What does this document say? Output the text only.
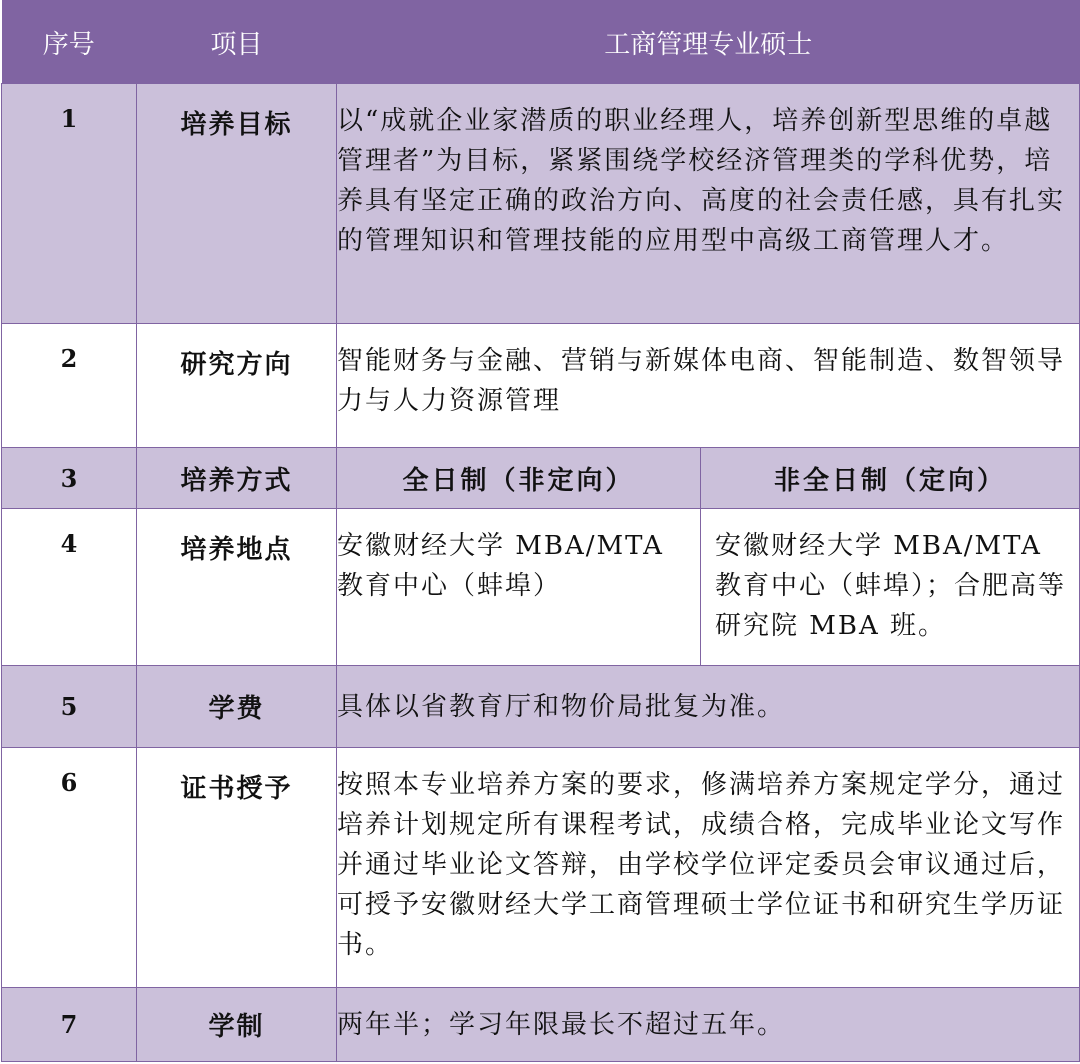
序号	项目	工商管理专业硕士	
1	培养目标	以“成就企业家潜质的职业经理人，培养创新型思维的卓越管理者”为目标，紧紧围绕学校经济管理类的学科优势，培养具有坚定正确的政治方向、高度的社会责任感，具有扎实的管理知识和管理技能的应用型中高级工商管理人才。	
2	研究方向	智能财务与金融、营销与新媒体电商、智能制造、数智领导力与人力资源管理	
3	培养方式	全日制（非定向）	非全日制（定向）
4	培养地点	安徽财经大学 MBA/MTA 教育中心（蚌埠）	安徽财经大学 MBA/MTA 教育中心（蚌埠）；合肥高等研究院 MBA 班。
5	学费	具体以省教育厅和物价局批复为准。	
6	证书授予	按照本专业培养方案的要求，修满培养方案规定学分，通过培养计划规定所有课程考试，成绩合格，完成毕业论文写作并通过毕业论文答辩，由学校学位评定委员会审议通过后，可授予安徽财经大学工商管理硕士学位证书和研究生学历证书。	
7	学制	两年半；学习年限最长不超过五年。	
